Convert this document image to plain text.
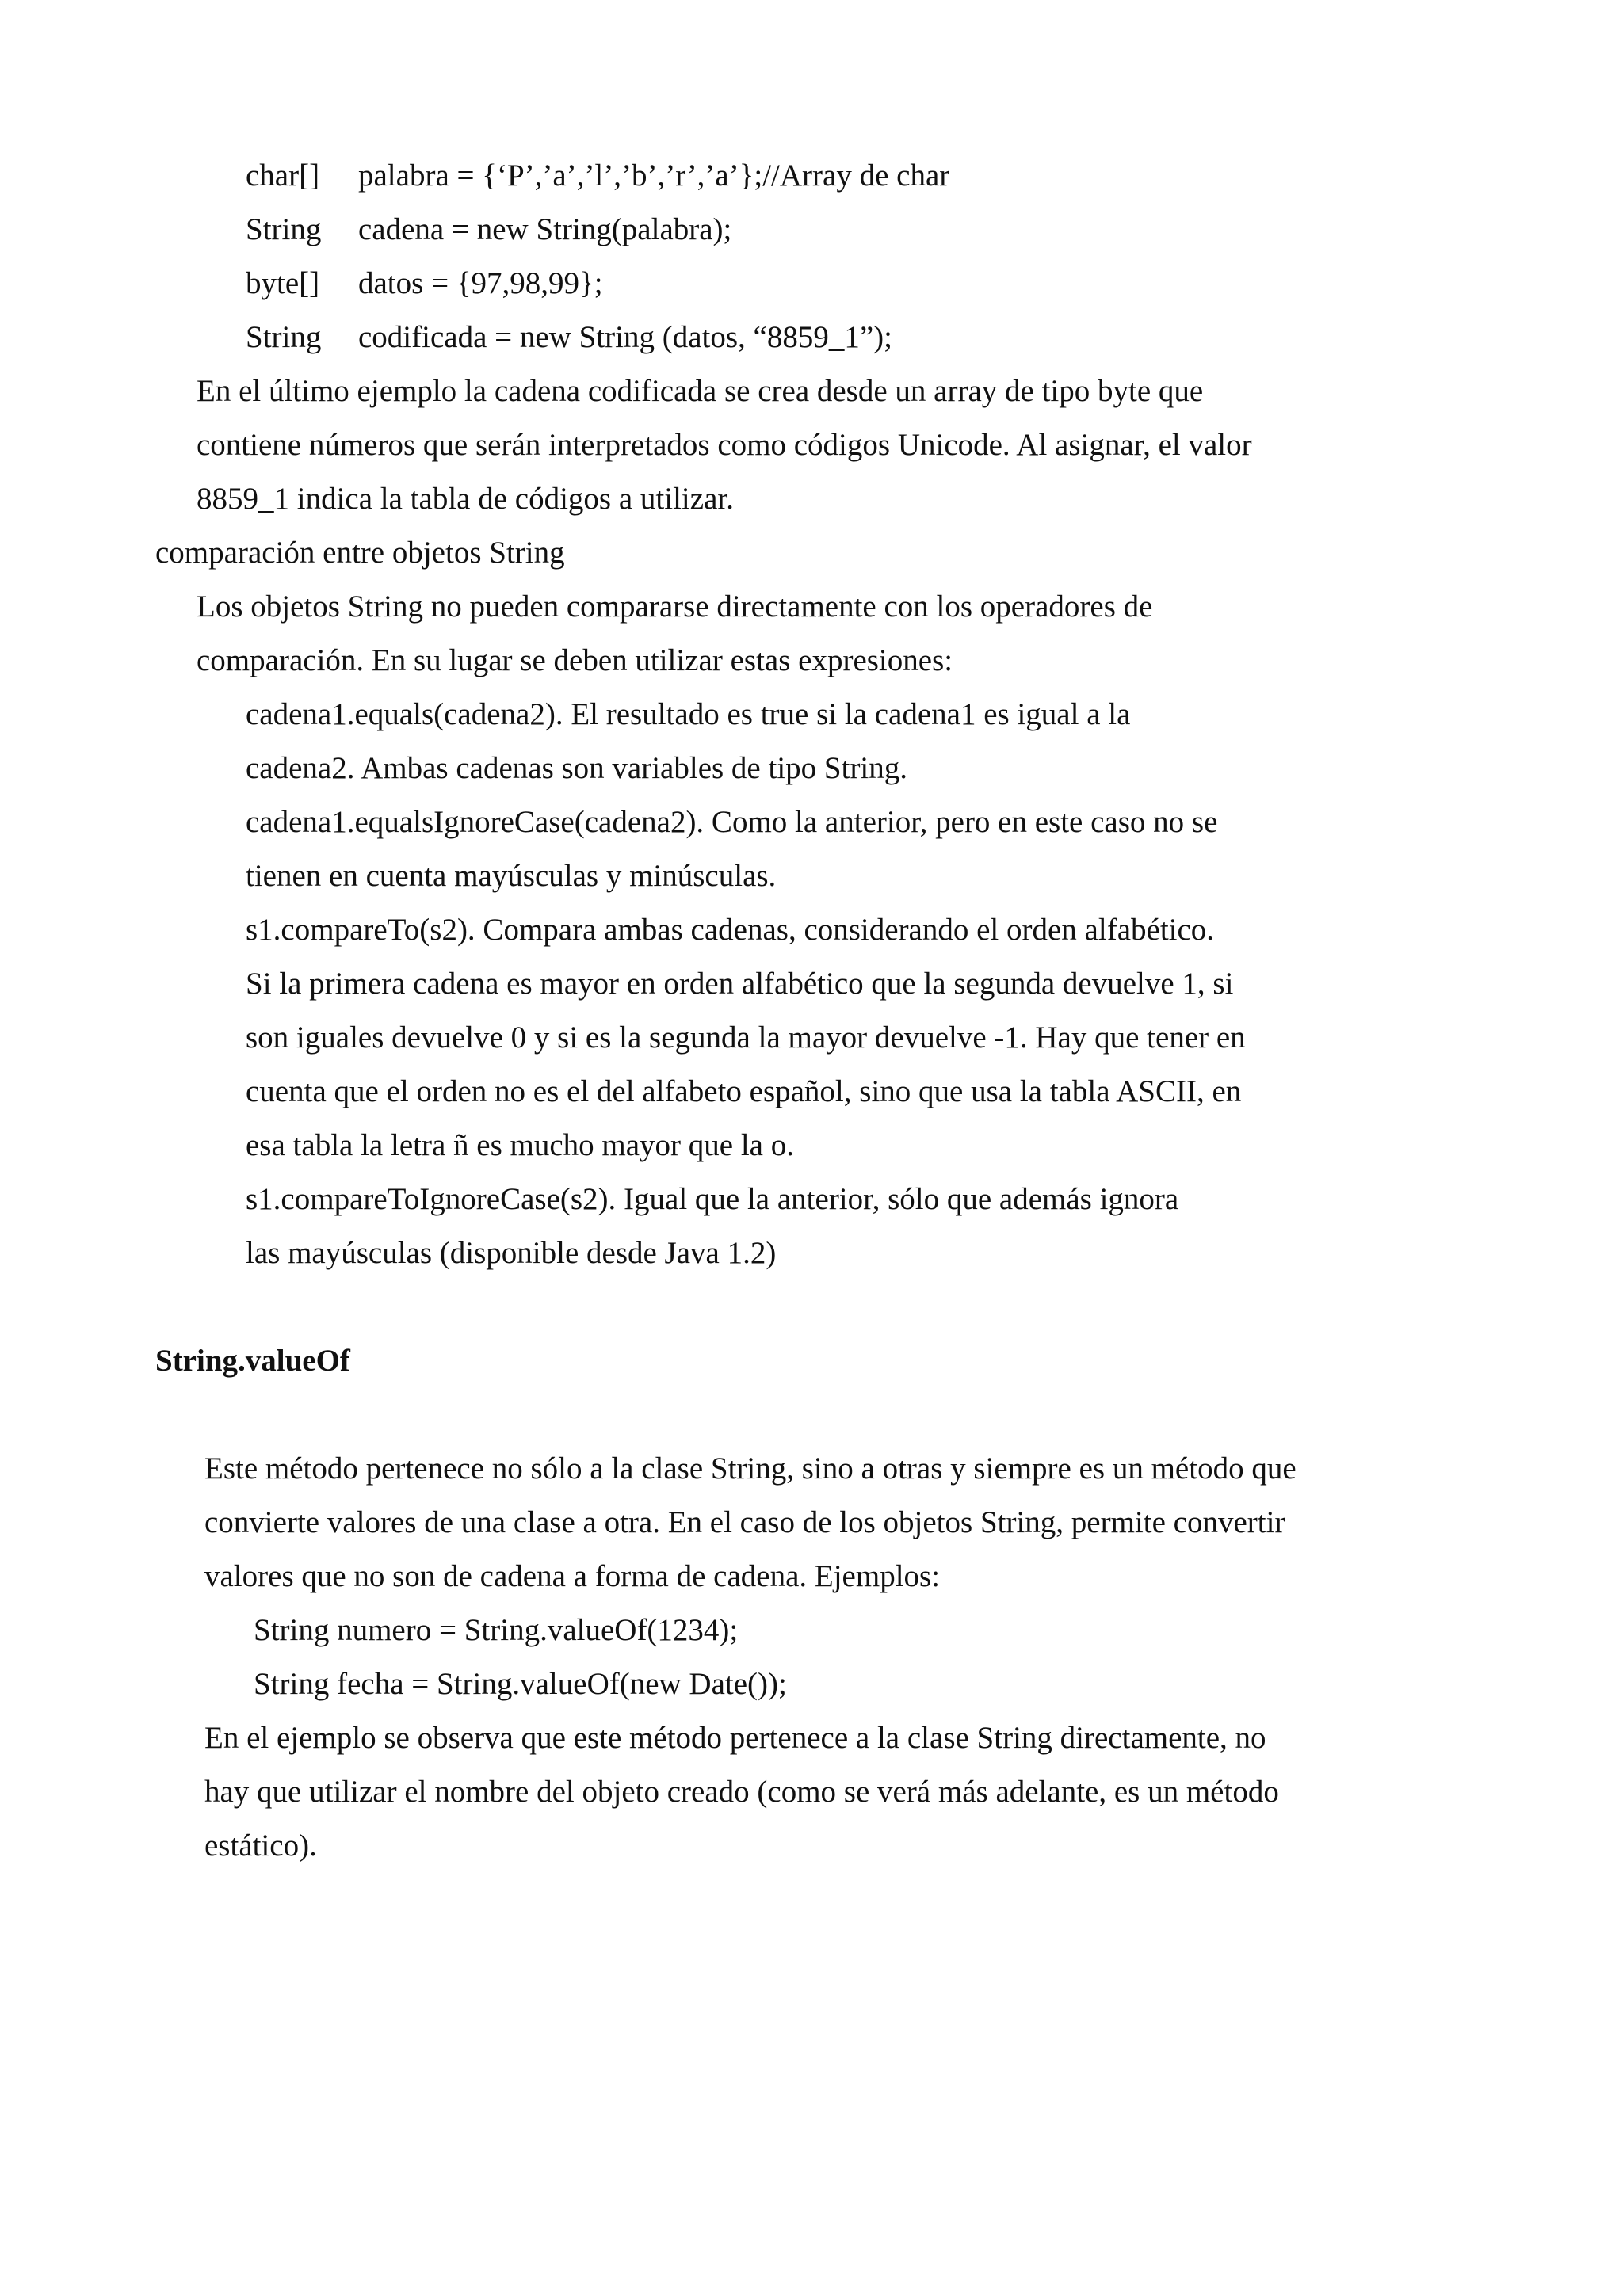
char[] palabra = {‘P’,’a’,’l’,’b’,’r’,’a’};//Array de char
String cadena = new String(palabra);
byte[] datos = {97,98,99};
String codificada = new String (datos, “8859_1”);
En el último ejemplo la cadena codificada se crea desde un array de tipo byte que
contiene números que serán interpretados como códigos Unicode. Al asignar, el valor
8859_1 indica la tabla de códigos a utilizar.
comparación entre objetos String
Los objetos String no pueden compararse directamente con los operadores de
comparación. En su lugar se deben utilizar estas expresiones:
cadena1.equals(cadena2). El resultado es true si la cadena1 es igual a la
cadena2. Ambas cadenas son variables de tipo String.
cadena1.equalsIgnoreCase(cadena2). Como la anterior, pero en este caso no se
tienen en cuenta mayúsculas y minúsculas.
s1.compareTo(s2). Compara ambas cadenas, considerando el orden alfabético.
Si la primera cadena es mayor en orden alfabético que la segunda devuelve 1, si
son iguales devuelve 0 y si es la segunda la mayor devuelve -1. Hay que tener en
cuenta que el orden no es el del alfabeto español, sino que usa la tabla ASCII, en
esa tabla la letra ñ es mucho mayor que la o.
s1.compareToIgnoreCase(s2). Igual que la anterior, sólo que además ignora
las mayúsculas (disponible desde Java 1.2)
String.valueOf
Este método pertenece no sólo a la clase String, sino a otras y siempre es un método que
convierte valores de una clase a otra. En el caso de los objetos String, permite convertir
valores que no son de cadena a forma de cadena. Ejemplos:
String numero = String.valueOf(1234);
String fecha = String.valueOf(new Date());
En el ejemplo se observa que este método pertenece a la clase String directamente, no
hay que utilizar el nombre del objeto creado (como se verá más adelante, es un método
estático).
